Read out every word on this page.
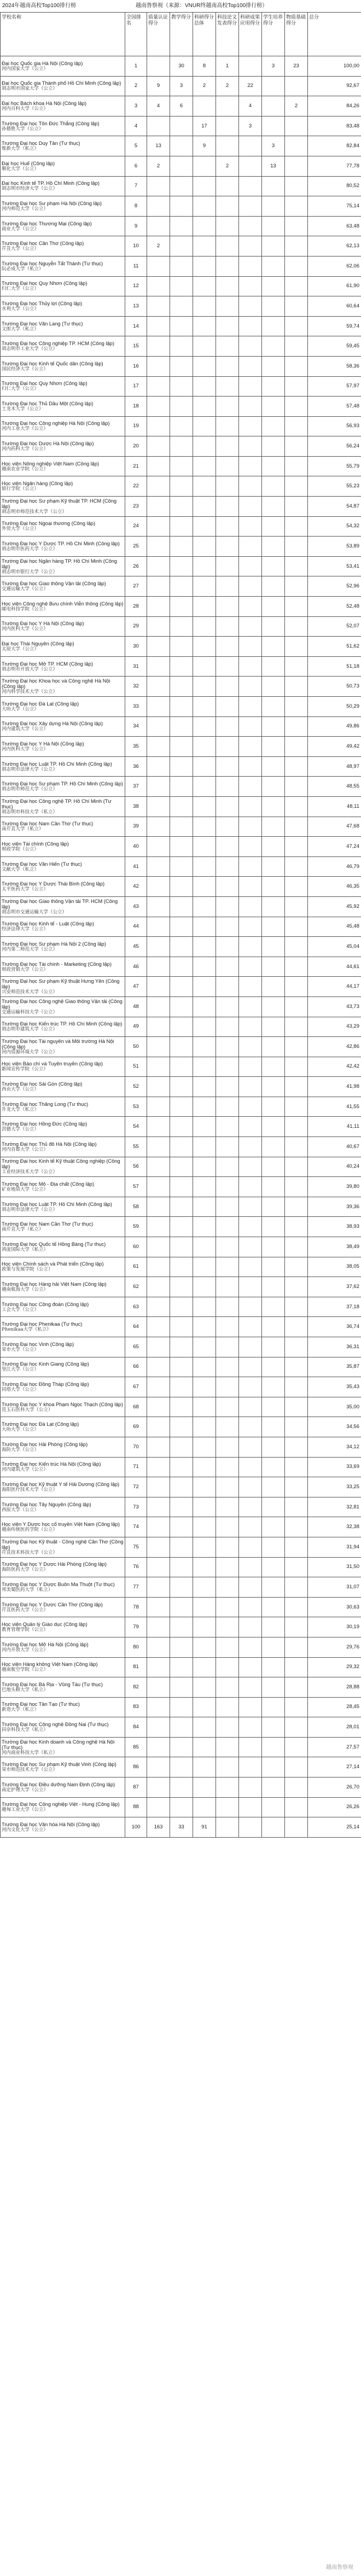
2024年越南高校Top100排行榜	越南鲁察视（来源：VNUR终越南高校Top100排行榜）
学校名称	全国排名	质量认证得分	教学得分	科研得分总体	科技论文发表得分	科研成果应用得分	学生培养得分	物质基础得分	总分

Đại học Quốc gia Hà Nội (Công lập)
河内国家大学（公立）	1		30	8	1		3	23	100,00

Đại học Quốc gia Thành phố Hồ Chí Minh (Công lập)
胡志明市国家大学（公立）	2	9	3	2	2	22			92,67

Đại học Bách khoa Hà Nội (Công lập)
河内百科大学（公立）	3	4	6			4		2	84,26

Trường Đại học Tôn Đức Thắng (Công lập)
孙德胜大学（公立）	4			17		3			83,48

Trường Đại học Duy Tân (Tư thục)
维新大学（私立）	5	13		9			3		82,84

Đại học Huế (Công lập)
顺化大学（公立）	6	2			2		13		77,78

Đại học Kinh tế TP. Hồ Chí Minh (Công lập)
胡志明市经济大学（公立）	7								80,52

Trường Đại học Sư phạm Hà Nội (Công lập)
河内师范大学（公立）	8								75,14

Trường Đại học Thương Mại (Công lập)
商业大学（公立）	9								63,48

Trường Đại học Cần Thơ (Công lập)
芹苴大学（公立）	10	2							62,13

Trường Đại học Nguyễn Tất Thành (Tư thục)
阮必成大学（私立）	11								62,06

Trường Đại học Quy Nhơn (Công lập)
归仁大学（公立）	12								61,90

Trường Đại học Thủy lợi (Công lập)
水利大学（公立）	13								60,64

Trường Đại học Văn Lang (Tư thục)
文郎大学（私立）	14								59,74

Trường Đại học Công nghiệp TP. HCM (Công lập)
胡志明市工业大学（公立）	15								59,45

Trường Đại học Kinh tế Quốc dân (Công lập)
国民经济大学（公立）	16								58,36

Trường Đại học Quy Nhơn (Công lập)
归仁大学（公立）	17								57,97

Trường Đại học Thủ Dầu Một (Công lập)
土龙木大学（公立）	18								57,48

Trường Đại học Công nghiệp Hà Nội (Công lập)
河内工业大学（公立）	19								56,93

Trường Đại học Dược Hà Nội (Công lập)
河内药科大学（公立）	20								56,24

Học viện Nông nghiệp Việt Nam (Công lập)
越南农业学院（公立）	21								55,79

Học viện Ngân hàng (Công lập)
银行学院（公立）	22								55,23

Trường Đại học Sư phạm Kỹ thuật TP. HCM (Công lập)
胡志明市师范技术大学（公立）	23								54,87

Trường Đại học Ngoại thương (Công lập)
外贸大学（公立）	24								54,32

Trường Đại học Y Dược TP. Hồ Chí Minh (Công lập)
胡志明市医药大学（公立）	25								53,89

Trường Đại học Ngân hàng TP. Hồ Chí Minh (Công lập)
胡志明市银行大学（公立）	26								53,41

Trường Đại học Giao thông Vận tải (Công lập)
交通运输大学（公立）	27								52,96

Học viện Công nghệ Bưu chính Viễn thông (Công lập)
邮电科技学院（公立）	28								52,48

Trường Đại học Y Hà Nội (Công lập)
河内医科大学（公立）	29								52,07

Đại học Thái Nguyên (Công lập)
太原大学（公立）	30								51,62

Trường Đại học Mở TP. HCM (Công lập)
胡志明市开放大学（公立）	31								51,18

Trường Đại học Khoa học và Công nghệ Hà Nội (Công lập)
河内科学技术大学（公立）	32								50,73

Trường Đại học Đà Lạt (Công lập)
大叻大学（公立）	33								50,29

Trường Đại học Xây dựng Hà Nội (Công lập)
河内建筑大学（公立）	34								49,86

Trường Đại học Y Hà Nội (Công lập)
河内医科大学（公立）	35								49,42

Trường Đại học Luật TP. Hồ Chí Minh (Công lập)
胡志明市法律大学（公立）	36								48,97

Trường Đại học Sư phạm TP. Hồ Chí Minh (Công lập)
胡志明市师范大学（公立）	37								48,55

Trường Đại học Công nghệ TP. Hồ Chí Minh (Tư thục)
胡志明市科技大学（私立）	38								48,11

Trường Đại học Nam Cần Thơ (Tư thục)
南芹苴大学（私立）	39								47,68

Học viện Tài chính (Công lập)
财政学院（公立）	40								47,24

Trường Đại học Văn Hiến (Tư thục)
文献大学（私立）	41								46,79

Trường Đại học Y Dược Thái Bình (Công lập)
太平医药大学（公立）	42								46,35

Trường Đại học Giao thông Vận tải TP. HCM (Công lập)
胡志明市交通运输大学（公立）	43								45,92

Trường Đại học Kinh tế - Luật (Công lập)
经济法律大学（公立）	44								45,48

Trường Đại học Sư phạm Hà Nội 2 (Công lập)
河内第二师范大学（公立）	45								45,04

Trường Đại học Tài chính - Marketing (Công lập)
财政营销大学（公立）	46								44,61

Trường Đại học Sư phạm Kỹ thuật Hưng Yên (Công lập)
兴安师范技术大学（公立）	47								44,17

Trường Đại học Công nghệ Giao thông Vận tải (Công lập)
交通运输科技大学（公立）	48								43,73

Trường Đại học Kiến trúc TP. Hồ Chí Minh (Công lập)
胡志明市建筑大学（公立）	49								43,29

Trường Đại học Tài nguyên và Môi trường Hà Nội (Công lập)
河内资源环境大学（公立）	50								42,86

Học viện Báo chí và Tuyên truyền (Công lập)
新闻宣传学院（公立）	51								42,42

Trường Đại học Sài Gòn (Công lập)
西贡大学（公立）	52								41,98

Trường Đại học Thăng Long (Tư thục)
升龙大学（私立）	53								41,55

Trường Đại học Hồng Đức (Công lập)
洪德大学（公立）	54								41,11

Trường Đại học Thủ đô Hà Nội (Công lập)
河内首都大学（公立）	55								40,67

Trường Đại học Kinh tế Kỹ thuật Công nghiệp (Công lập)
工业经济技术大学（公立）	56								40,24

Trường Đại học Mỏ - Địa chất (Công lập)
矿业地质大学（公立）	57								39,80

Trường Đại học Luật TP. Hồ Chí Minh (Công lập)
胡志明市法律大学（公立）	58								39,36

Trường Đại học Nam Cần Thơ (Tư thục)
南芹苴大学（私立）	59								38,93

Trường Đại học Quốc tế Hồng Bàng (Tư thục)
鸿庞国际大学（私立）	60								38,49

Học viện Chính sách và Phát triển (Công lập)
政策与发展学院（公立）	61								38,05

Trường Đại học Hàng hải Việt Nam (Công lập)
越南航海大学（公立）	62								37,62

Trường Đại học Công đoàn (Công lập)
工会大学（公立）	63								37,18

Trường Đại học Phenikaa (Tư thục)
Phenikaa大学（私立）	64								36,74

Trường Đại học Vinh (Công lập)
荣市大学（公立）	65								36,31

Trường Đại học Kinh Giang (Công lập)
坚江大学（公立）	66								35,87

Trường Đại học Đồng Tháp (Công lập)
同塔大学（公立）	67								35,43

Trường Đại học Y khoa Phạm Ngọc Thạch (Công lập)
范玉石医科大学（公立）	68								35,00

Trường Đại học Đà Lạt (Công lập)
大叻大学（公立）	69								34,56

Trường Đại học Hải Phòng (Công lập)
海防大学（公立）	70								34,12

Trường Đại học Kiến trúc Hà Nội (Công lập)
河内建筑大学（公立）	71								33,69

Trường Đại học Kỹ thuật Y tế Hải Dương (Công lập)
海阳医疗技术大学（公立）	72								33,25

Trường Đại học Tây Nguyên (Công lập)
西原大学（公立）	73								32,81

Học viện Y Dược học cổ truyền Việt Nam (Công lập)
越南传统医药学院（公立）	74								32,38

Trường Đại học Kỹ thuật - Công nghệ Cần Thơ (Công lập)
芹苴技术科技大学（公立）	75								31,94

Trường Đại học Y Dược Hải Phòng (Công lập)
海防医药大学（公立）	76								31,50

Trường Đại học Y Dược Buôn Ma Thuột (Tư thục)
邦美蜀医药大学（私立）	77								31,07

Trường Đại học Y Dược Cần Thơ (Công lập)
芹苴医药大学（公立）	78								30,63

Học viện Quản lý Giáo dục (Công lập)
教育管理学院（公立）	79								30,19

Trường Đại học Mở Hà Nội (Công lập)
河内开放大学（公立）	80								29,76

Học viện Hàng không Việt Nam (Công lập)
越南航空学院（公立）	81								29,32

Trường Đại học Bà Rịa - Vũng Tàu (Tư thục)
巴地头顿大学（私立）	82								28,88

Trường Đại học Tân Tạo (Tư thục)
新造大学（私立）	83								28,45

Trường Đại học Công nghệ Đồng Nai (Tư thục)
同奈科技大学（私立）	84								28,01

Trường Đại học Kinh doanh và Công nghệ Hà Nội (Tư thục)
河内商业科技大学（私立）	85								27,57

Trường Đại học Sư phạm Kỹ thuật Vinh (Công lập)
荣市师范技术大学（公立）	86								27,14

Trường Đại học Điều dưỡng Nam Định (Công lập)
南定护理大学（公立）	87								26,70

Trường Đại học Công nghiệp Việt - Hung (Công lập)
越匈工业大学（公立）	88								26,26

Trường Đại học Văn hóa Hà Nội (Công lập)
河内文化大学（公立）	100	163	33	91					25,14
越南鲁察视
